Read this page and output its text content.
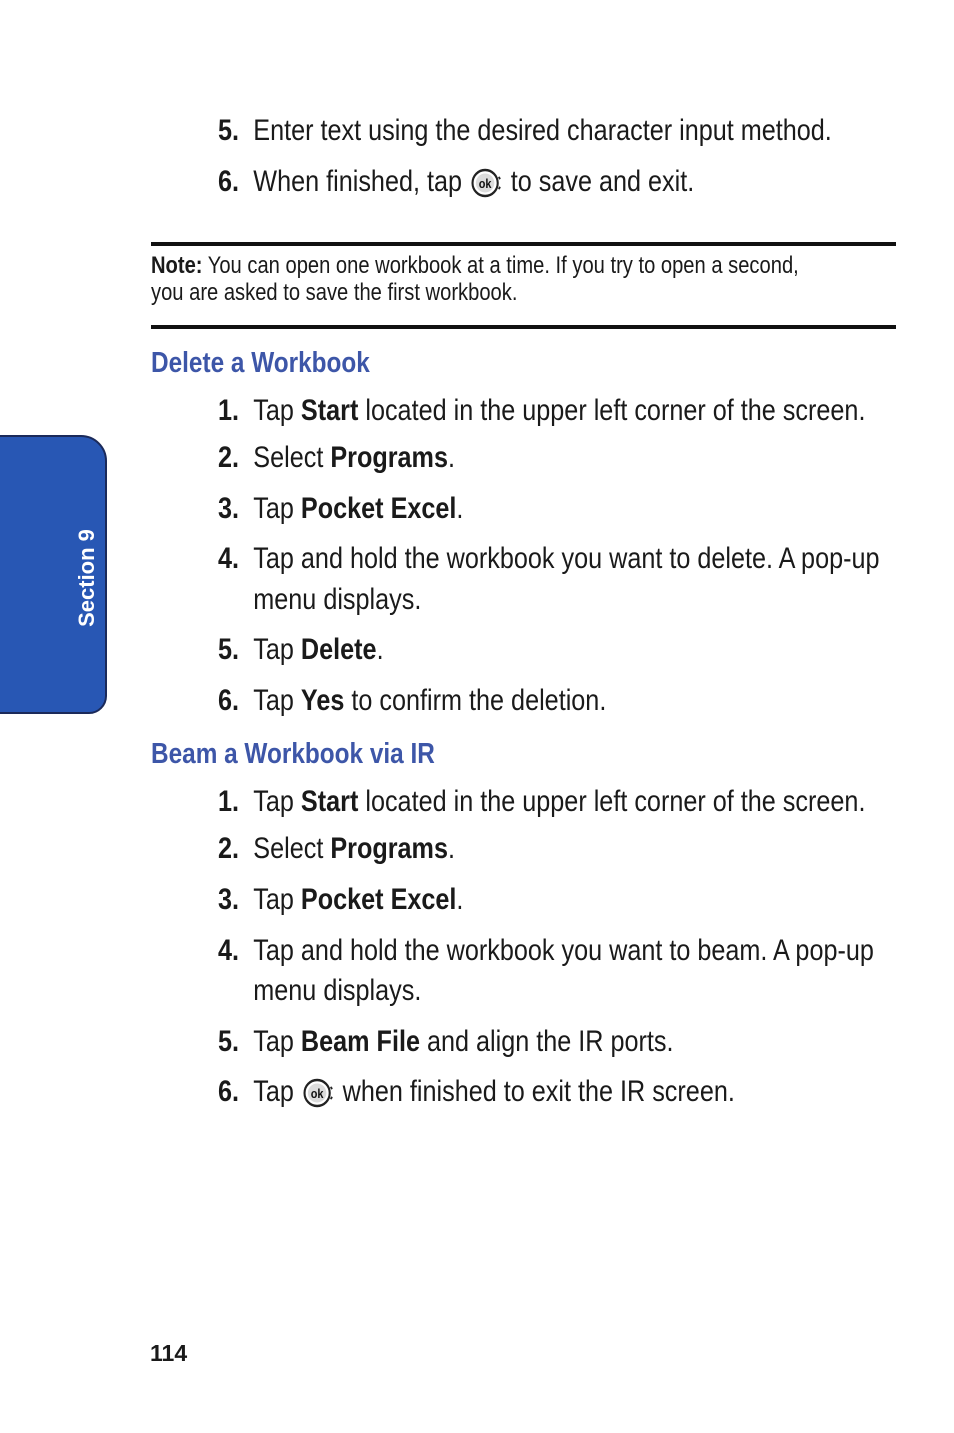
Section 9
5. Enter text using the desired character input method.
6. When finished, tap ok to save and exit.
Note: You can open one workbook at a time. If you try to open a second,
you are asked to save the first workbook.
Delete a Workbook
1. Tap Start located in the upper left corner of the screen.
2. Select Programs.
3. Tap Pocket Excel.
4. Tap and hold the workbook you want to delete. A pop-up
menu displays.
5. Tap Delete.
6. Tap Yes to confirm the deletion.
Beam a Workbook via IR
1. Tap Start located in the upper left corner of the screen.
2. Select Programs.
3. Tap Pocket Excel.
4. Tap and hold the workbook you want to beam. A pop-up
menu displays.
5. Tap Beam File and align the IR ports.
6. Tap ok when finished to exit the IR screen.
114
